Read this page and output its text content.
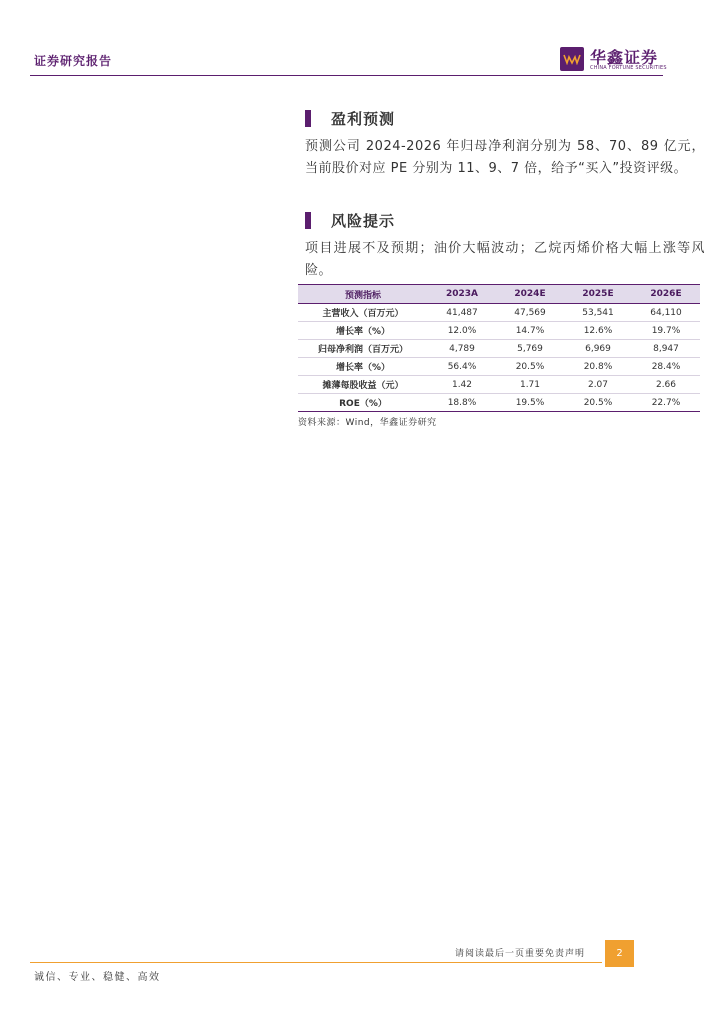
证券研究报告	华鑫证券
CHINA FORTUNE SECURITIES
盈利预测
预测公司 2024-2026 年归母净利润分别为 58、70、89 亿元，当前股价对应 PE 分别为 11、9、7 倍，给予“买入”投资评级。
风险提示
项目进展不及预期；油价大幅波动；乙烷丙烯价格大幅上涨等风险。
预测指标	2023A	2024E	2025E	2026E
主营收入（百万元）	41,487	47,569	53,541	64,110
增长率（%）	12.0%	14.7%	12.6%	19.7%
归母净利润（百万元）	4,789	5,769	6,969	8,947
增长率（%）	56.4%	20.5%	20.8%	28.4%
摊薄每股收益（元）	1.42	1.71	2.07	2.66
ROE（%）	18.8%	19.5%	20.5%	22.7%
资料来源：Wind，华鑫证券研究
请阅读最后一页重要免责声明	2
诚信、专业、稳健、高效
